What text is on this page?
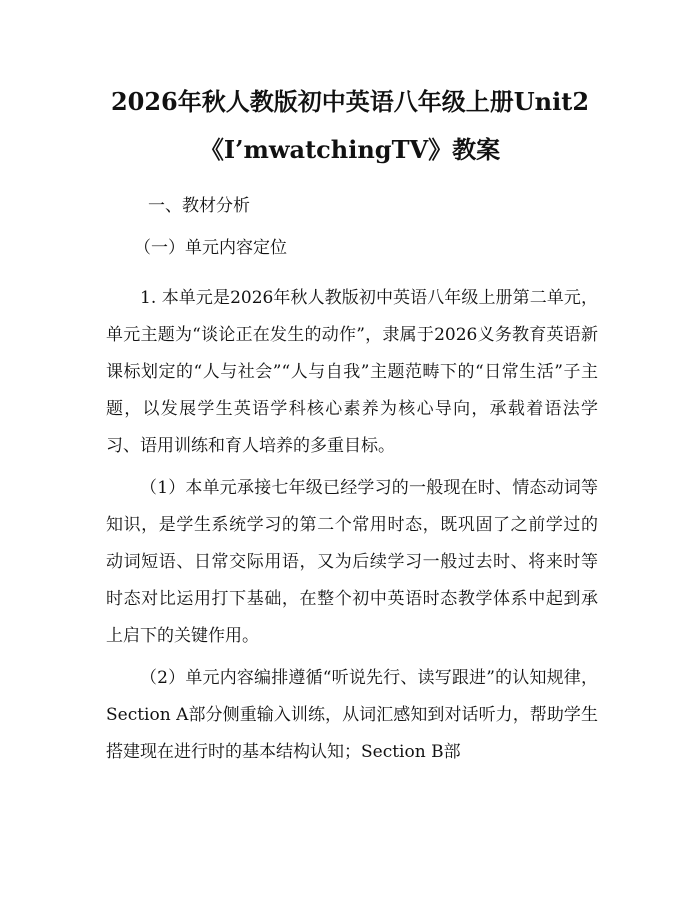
2026年秋人教版初中英语八年级上册Unit2
《I’mwatchingTV》教案
一、教材分析
（一）单元内容定位
1. 本单元是2026年秋人教版初中英语八年级上册第二单元，单元主题为“谈论正在发生的动作”，隶属于2026义务教育英语新课标划定的“人与社会”“人与自我”主题范畴下的“日常生活”子主题，以发展学生英语学科核心素养为核心导向，承载着语法学习、语用训练和育人培养的多重目标。
（1）本单元承接七年级已经学习的一般现在时、情态动词等知识，是学生系统学习的第二个常用时态，既巩固了之前学过的动词短语、日常交际用语，又为后续学习一般过去时、将来时等时态对比运用打下基础，在整个初中英语时态教学体系中起到承上启下的关键作用。
（2）单元内容编排遵循“听说先行、读写跟进”的认知规律，Section A部分侧重输入训练，从词汇感知到对话听力，帮助学生搭建现在进行时的基本结构认知；Section B部
